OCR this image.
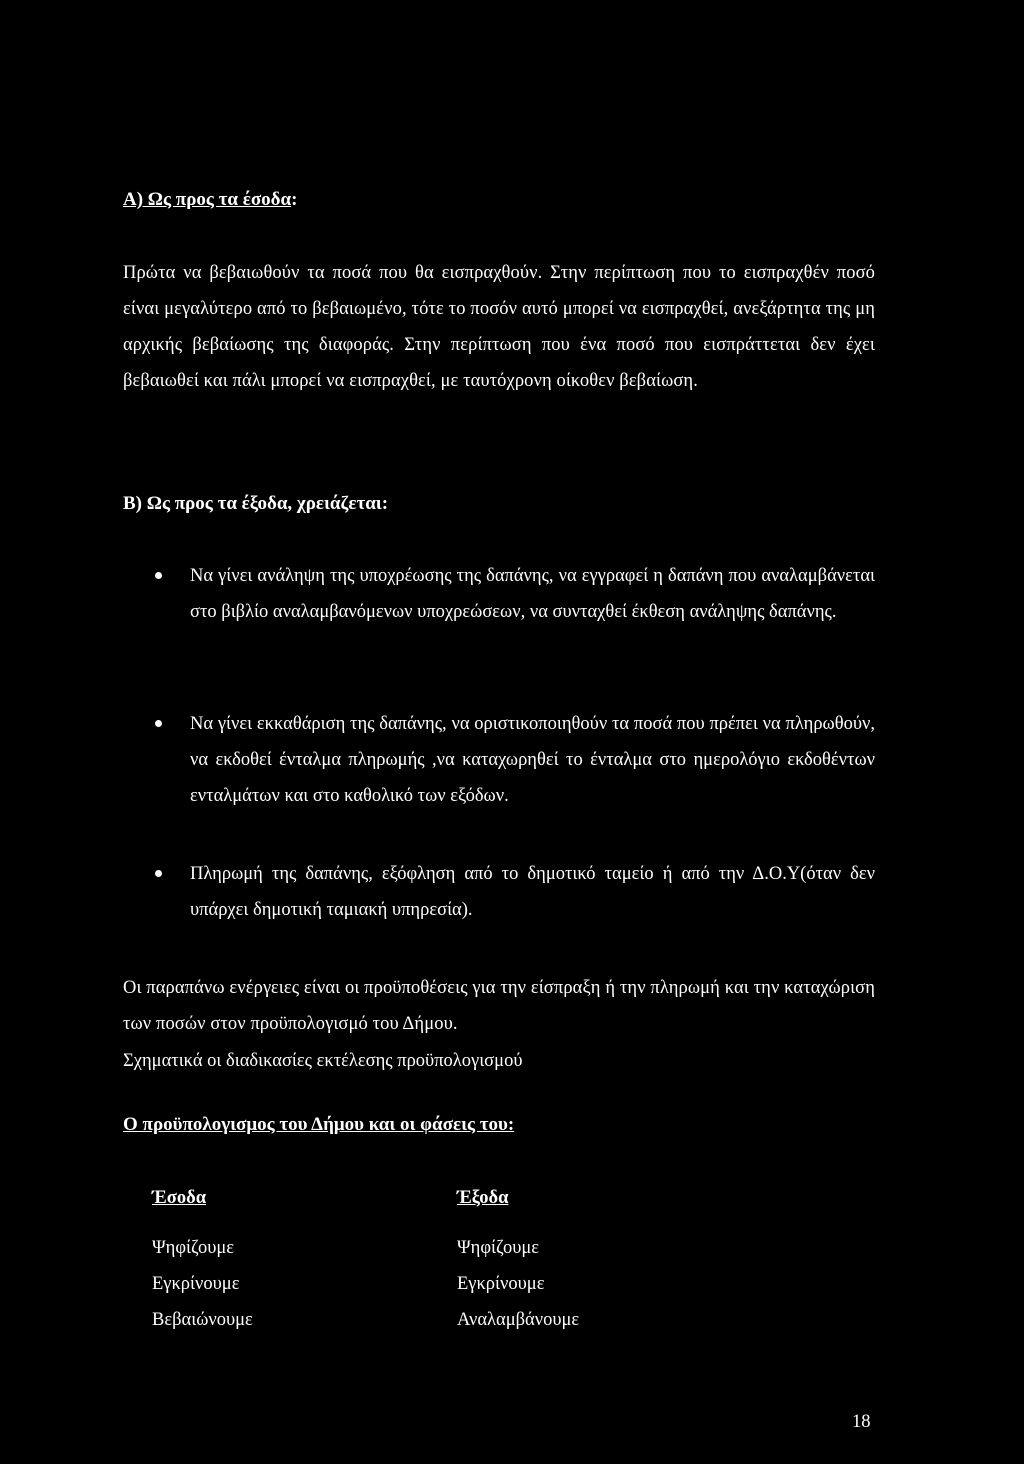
Α) Ως προς τα έσοδα:
Πρώτα να βεβαιωθούν τα ποσά που θα εισπραχθούν. Στην περίπτωση που το εισπραχθέν ποσό είναι μεγαλύτερο από το βεβαιωμένο, τότε το ποσόν αυτό μπορεί να εισπραχθεί, ανεξάρτητα της μη αρχικής βεβαίωσης της διαφοράς. Στην περίπτωση που ένα ποσό που εισπράττεται δεν έχει βεβαιωθεί και πάλι μπορεί να εισπραχθεί, με ταυτόχρονη οίκοθεν βεβαίωση.
Β) Ως προς τα έξοδα, χρειάζεται:
Να γίνει ανάληψη της υποχρέωσης της δαπάνης, να εγγραφεί η δαπάνη που αναλαμβάνεται στο βιβλίο αναλαμβανόμενων υποχρεώσεων, να συνταχθεί έκθεση ανάληψης δαπάνης.
Να γίνει εκκαθάριση της δαπάνης, να οριστικοποιηθούν τα ποσά που πρέπει να πληρωθούν, να εκδοθεί ένταλμα πληρωμής ,να καταχωρηθεί το ένταλμα στο ημερολόγιο εκδοθέντων ενταλμάτων και στο καθολικό των εξόδων.
Πληρωμή της δαπάνης, εξόφληση από το δημοτικό ταμείο ή από την Δ.Ο.Υ(όταν δεν υπάρχει δημοτική ταμιακή υπηρεσία).
Οι παραπάνω ενέργειες είναι οι προϋποθέσεις για την είσπραξη ή την πληρωμή και την καταχώριση των ποσών στον προϋπολογισμό του Δήμου.
Σχηματικά οι διαδικασίες εκτέλεσης προϋπολογισμού
Ο προϋπολογισμος του Δήμου και οι φάσεις του:
Έσοδα
Ψηφίζουμε
Εγκρίνουμε
Βεβαιώνουμε
Έξοδα
Ψηφίζουμε
Εγκρίνουμε
Αναλαμβάνουμε
18
